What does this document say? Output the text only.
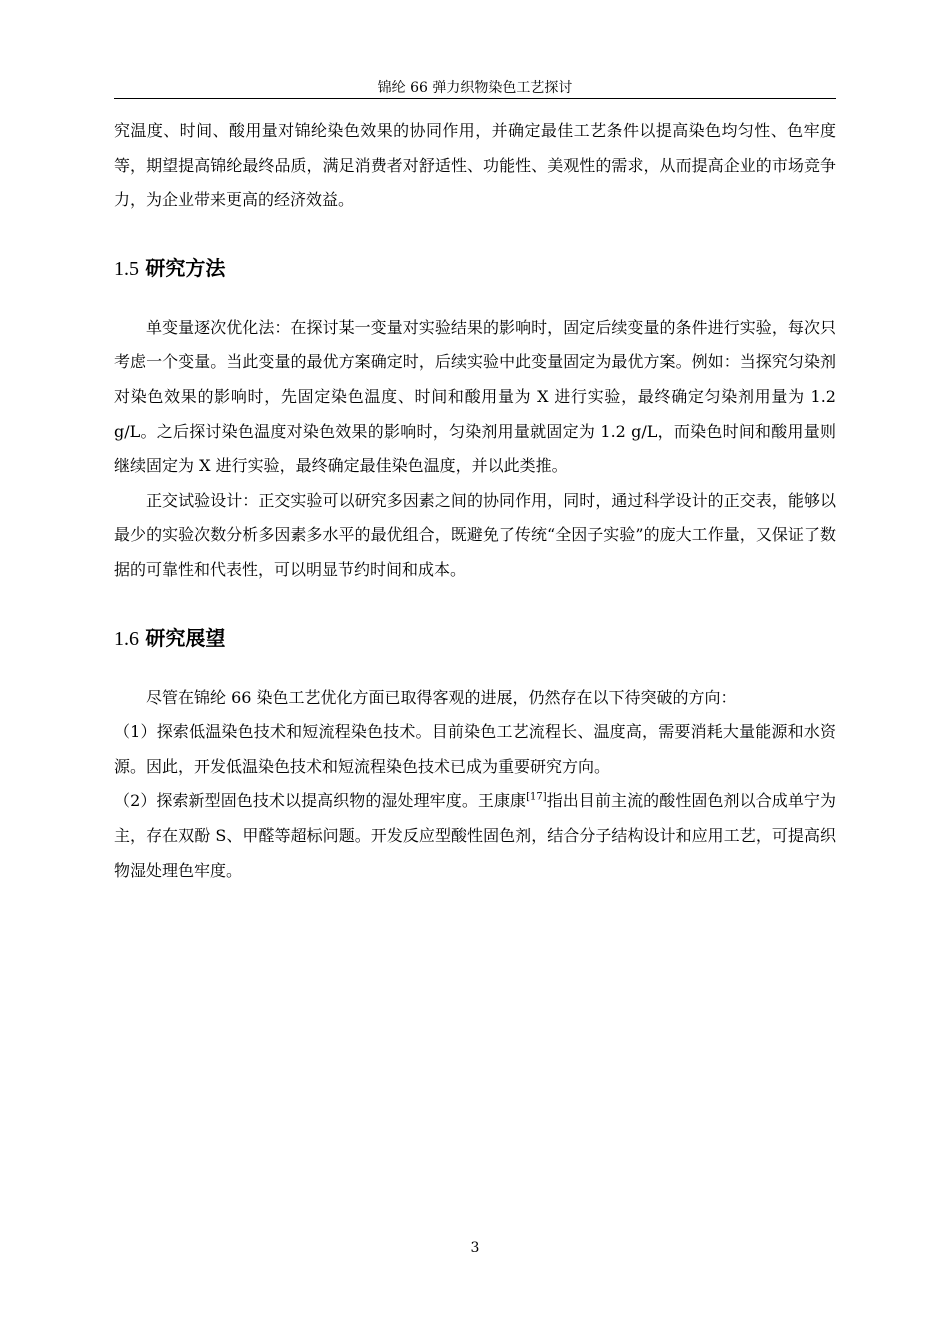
锦纶 66 弹力织物染色工艺探讨

究温度、时间、酸用量对锦纶染色效果的协同作用，并确定最佳工艺条件以提高染色均匀性、色牢度等，期望提高锦纶最终品质，满足消费者对舒适性、功能性、美观性的需求，从而提高企业的市场竞争力，为企业带来更高的经济效益。

1.5 研究方法

单变量逐次优化法：在探讨某一变量对实验结果的影响时，固定后续变量的条件进行实验，每次只考虑一个变量。当此变量的最优方案确定时，后续实验中此变量固定为最优方案。例如：当探究匀染剂对染色效果的影响时，先固定染色温度、时间和酸用量为 X 进行实验，最终确定匀染剂用量为 1.2 g/L。之后探讨染色温度对染色效果的影响时，匀染剂用量就固定为 1.2 g/L，而染色时间和酸用量则继续固定为 X 进行实验，最终确定最佳染色温度，并以此类推。

正交试验设计：正交实验可以研究多因素之间的协同作用，同时，通过科学设计的正交表，能够以最少的实验次数分析多因素多水平的最优组合，既避免了传统“全因子实验”的庞大工作量，又保证了数据的可靠性和代表性，可以明显节约时间和成本。

1.6 研究展望

尽管在锦纶 66 染色工艺优化方面已取得客观的进展，仍然存在以下待突破的方向：

（1）探索低温染色技术和短流程染色技术。目前染色工艺流程长、温度高，需要消耗大量能源和水资源。因此，开发低温染色技术和短流程染色技术已成为重要研究方向。

（2）探索新型固色技术以提高织物的湿处理牢度。王康康[17]指出目前主流的酸性固色剂以合成单宁为主，存在双酚 S、甲醛等超标问题。开发反应型酸性固色剂，结合分子结构设计和应用工艺，可提高织物湿处理色牢度。

3
